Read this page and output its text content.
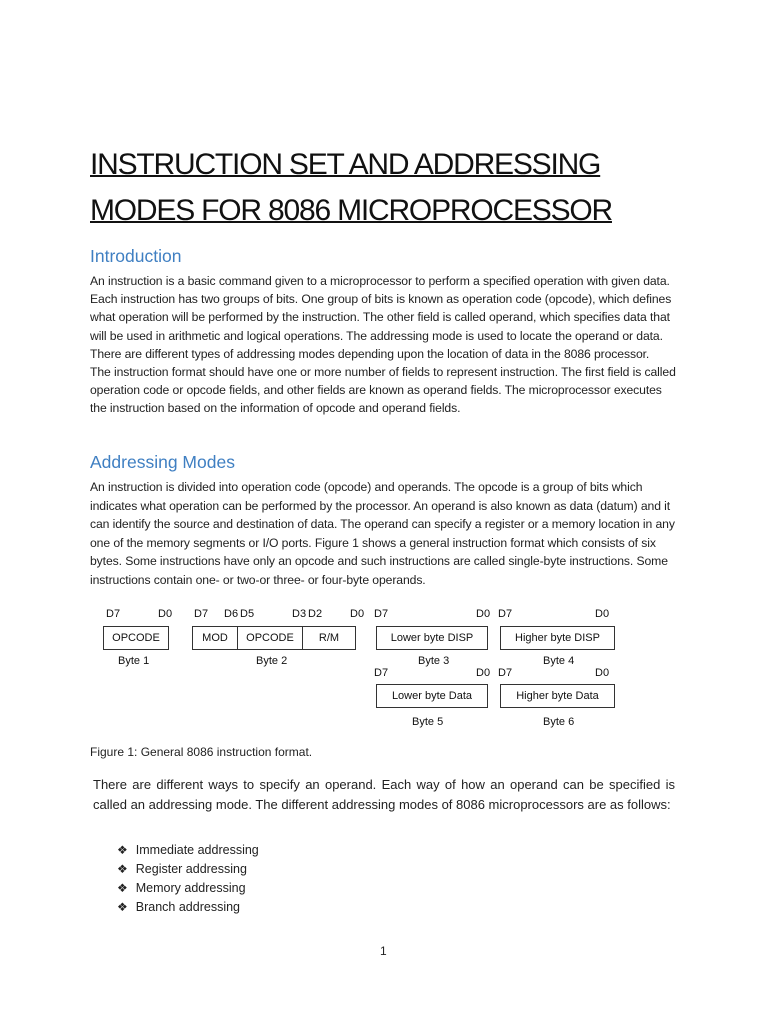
INSTRUCTION SET AND ADDRESSING
MODES FOR 8086 MICROPROCESSOR
Introduction

An instruction is a basic command given to a microprocessor to perform a specified operation with given data. Each instruction has two groups of bits. One group of bits is known as operation code (opcode), which defines what operation will be performed by the instruction. The other field is called operand, which specifies data that will be used in arithmetic and logical operations. The addressing mode is used to locate the operand or data. There are different types of addressing modes depending upon the location of data in the 8086 processor.

The instruction format should have one or more number of fields to represent instruction. The first field is called operation code or opcode fields, and other fields are known as operand fields. The microprocessor executes the instruction based on the information of opcode and operand fields.

Addressing Modes

An instruction is divided into operation code (opcode) and operands. The opcode is a group of bits which indicates what operation can be performed by the processor. An operand is also known as data (datum) and it can identify the source and destination of data. The operand can specify a register or a memory location in any one of the memory segments or I/O ports. Figure 1 shows a general instruction format which consists of six bytes. Some instructions have only an opcode and such instructions are called single-byte instructions. Some instructions contain one- or two-or three- or four-byte operands.

D7	D0
OPCODE
Byte 1
D7 D6 D5	D3 D2	D0
MOD	OPCODE	R/M
Byte 2
D7	D0
Lower byte DISP
Byte 3
D7	D0
Higher byte DISP
Byte 4
D7	D0
Lower byte Data
Byte 5
D7	D0
Higher byte Data
Byte 6
Figure 1: General 8086 instruction format.

There are different ways to specify an operand. Each way of how an operand can be specified is called an addressing mode. The different addressing modes of 8086 microprocessors are as follows:

❖ Immediate addressing
❖ Register addressing
❖ Memory addressing
❖ Branch addressing
1
